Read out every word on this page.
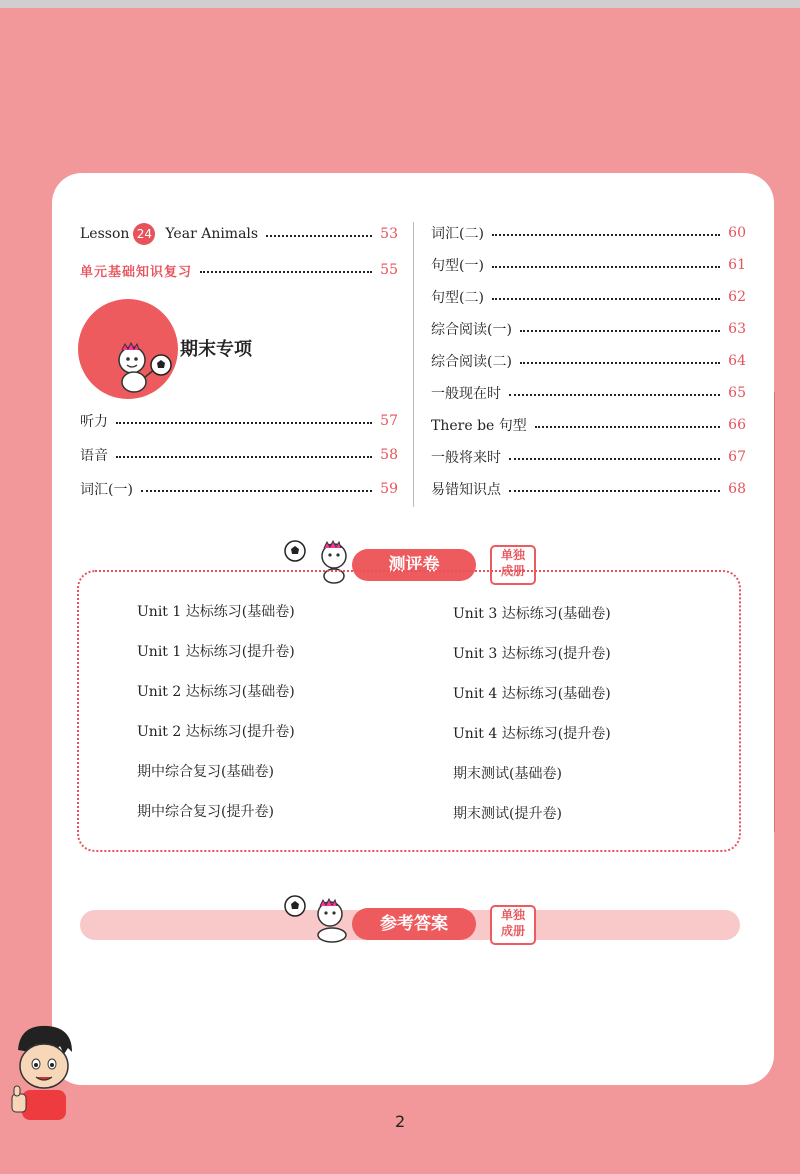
Lesson 24 Year Animals	53
单元基础知识复习	55
期末专项
听力	57
语音	58
词汇(一)	59
词汇(二)	60
句型(一)	61
句型(二)	62
综合阅读(一)	63
综合阅读(二)	64
一般现在时	65
There be 句型	66
一般将来时	67
易错知识点	68
测评卷	单独
成册
Unit 1 达标练习(基础卷)
Unit 1 达标练习(提升卷)
Unit 2 达标练习(基础卷)
Unit 2 达标练习(提升卷)
期中综合复习(基础卷)
期中综合复习(提升卷)
Unit 3 达标练习(基础卷)
Unit 3 达标练习(提升卷)
Unit 4 达标练习(基础卷)
Unit 4 达标练习(提升卷)
期末测试(基础卷)
期末测试(提升卷)
参考答案	单独
成册
2
